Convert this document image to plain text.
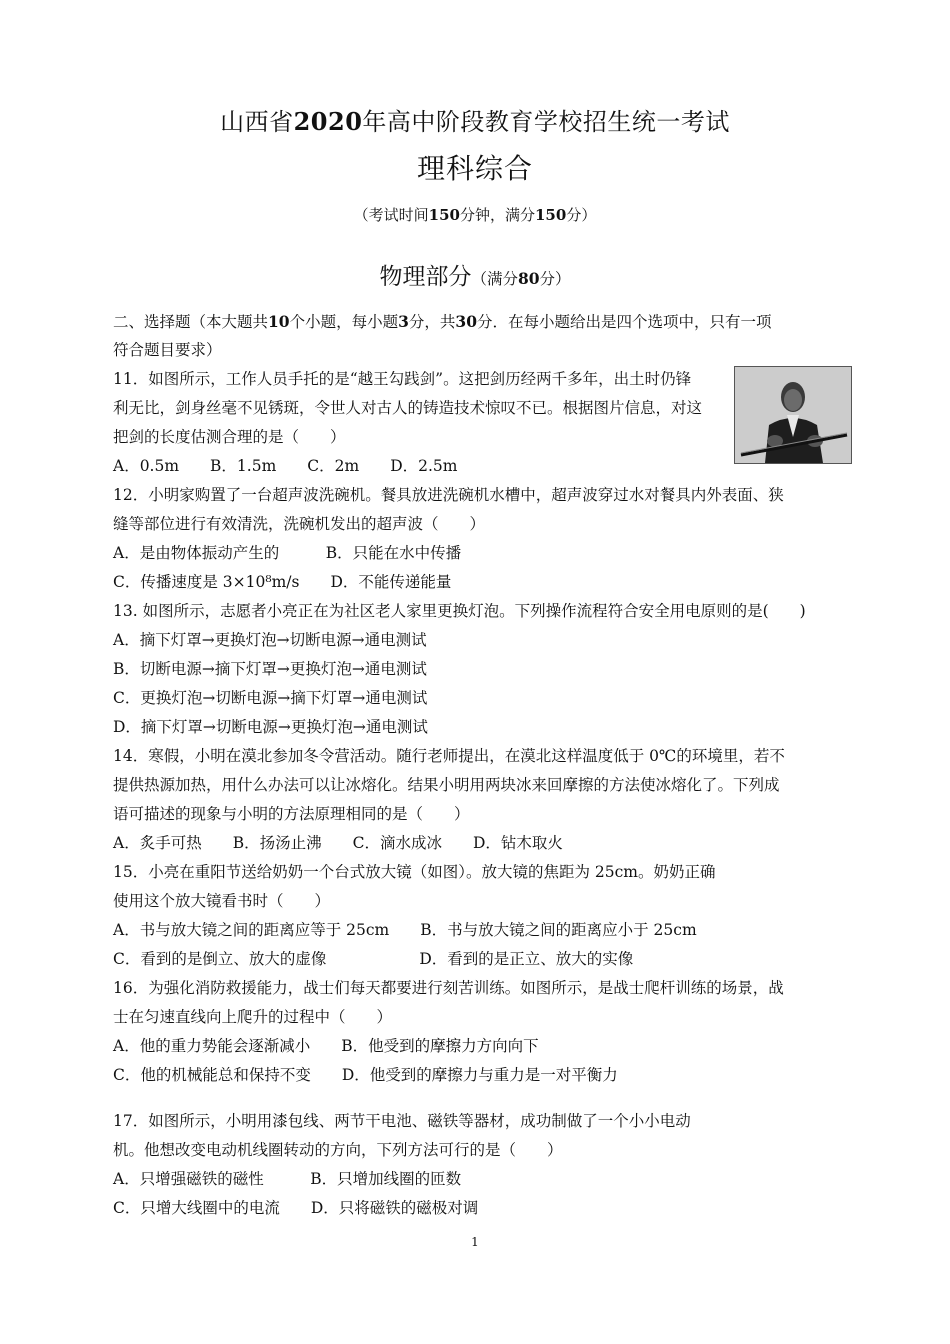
山西省2020年高中阶段教育学校招生统一考试
理科综合
（考试时间150分钟，满分150分）
物理部分（满分80分）
二、选择题（本大题共10个小题，每小题3分，共30分．在每小题给出是四个选项中，只有一项
符合题目要求）
11．如图所示，工作人员手托的是“越王勾践剑”。这把剑历经两千多年，出土时仍锋
利无比，剑身丝毫不见锈斑，令世人对古人的铸造技术惊叹不已。根据图片信息，对这
把剑的长度估测合理的是（　　）
A．0.5m　　B．1.5m　　C．2m　　D．2.5m
12．小明家购置了一台超声波洗碗机。餐具放进洗碗机水槽中，超声波穿过水对餐具内外表面、狭
缝等部位进行有效清洗，洗碗机发出的超声波（　　）
A．是由物体振动产生的　　　B．只能在水中传播
C．传播速度是 3×10⁸m/s　　D．不能传递能量
13. 如图所示，志愿者小亮正在为社区老人家里更换灯泡。下列操作流程符合安全用电原则的是(　　)
A．摘下灯罩→更换灯泡→切断电源→通电测试
B．切断电源→摘下灯罩→更换灯泡→通电测试
C．更换灯泡→切断电源→摘下灯罩→通电测试
D．摘下灯罩→切断电源→更换灯泡→通电测试
14．寒假，小明在漠北参加冬令营活动。随行老师提出，在漠北这样温度低于 0℃的环境里，若不
提供热源加热，用什么办法可以让冰熔化。结果小明用两块冰来回摩擦的方法使冰熔化了。下列成
语可描述的现象与小明的方法原理相同的是（　　）
A．炙手可热　　B．扬汤止沸　　C．滴水成冰　　D．钻木取火
15．小亮在重阳节送给奶奶一个台式放大镜（如图）。放大镜的焦距为 25cm。奶奶正确
使用这个放大镜看书时（　　）
A．书与放大镜之间的距离应等于 25cm　　B．书与放大镜之间的距离应小于 25cm
C．看到的是倒立、放大的虚像　　　　　　D．看到的是正立、放大的实像
16．为强化消防救援能力，战士们每天都要进行刻苦训练。如图所示，是战士爬杆训练的场景，战
士在匀速直线向上爬升的过程中（　　）
A．他的重力势能会逐渐减小　　B．他受到的摩擦力方向向下
C．他的机械能总和保持不变　　D．他受到的摩擦力与重力是一对平衡力
17．如图所示，小明用漆包线、两节干电池、磁铁等器材，成功制做了一个小小电动
机。他想改变电动机线圈转动的方向，下列方法可行的是（　　）
A．只增强磁铁的磁性　　　B．只增加线圈的匝数
C．只增大线圈中的电流　　D．只将磁铁的磁极对调
1
